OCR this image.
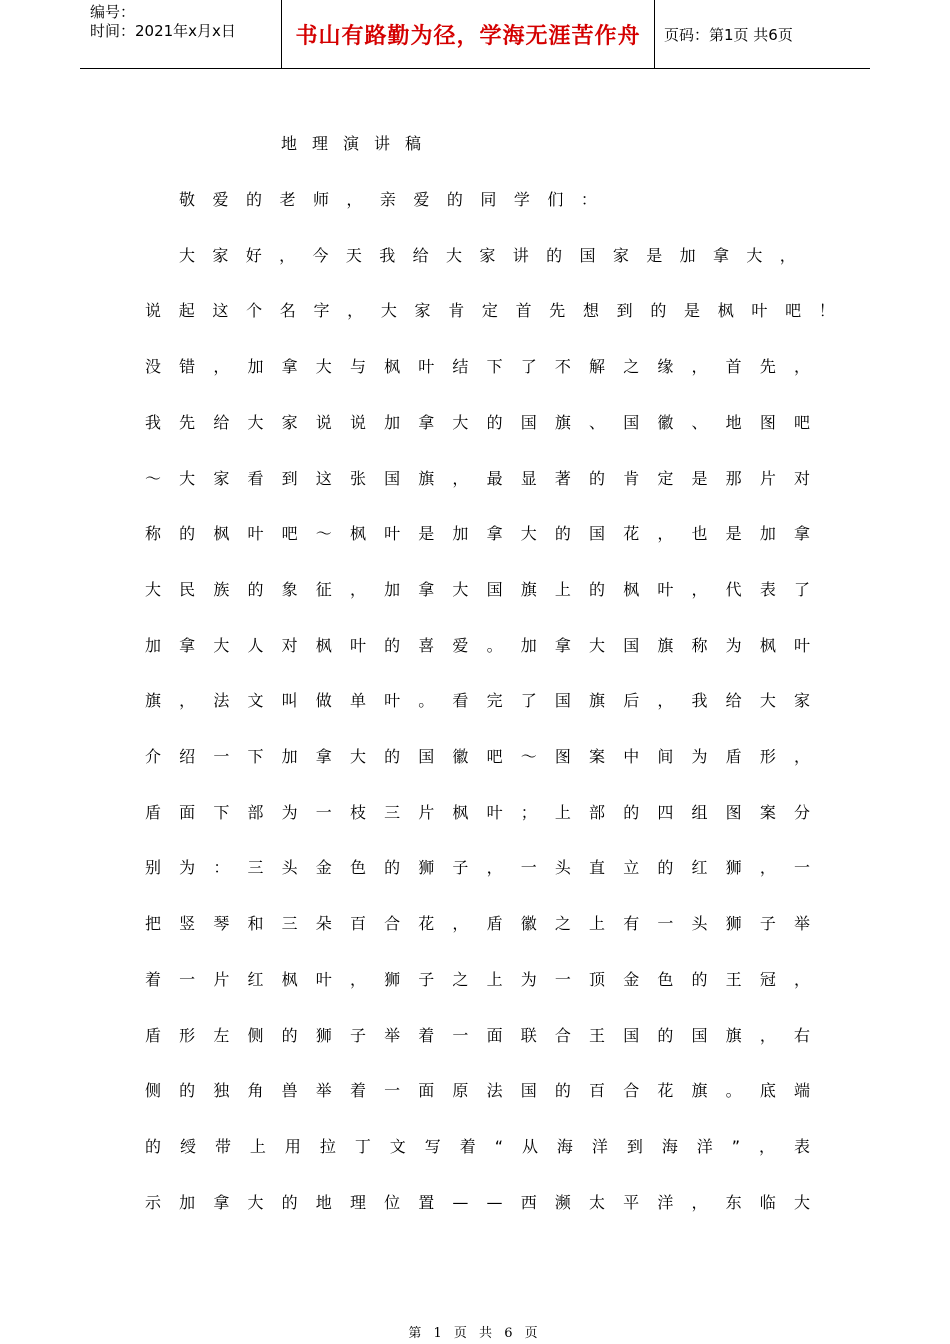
编号：
时间：2021年x月x日	书山有路勤为径，学海无涯苦作舟	页码：第1页 共6页
地理演讲稿
敬 爱 的 老 师 ， 亲 爱 的 同 学 们 ：
大 家 好 ， 今 天 我 给 大 家 讲 的 国 家 是 加 拿 大 ，
说 起 这 个 名 字 ， 大 家 肯 定 首 先 想 到 的 是 枫 叶 吧 ！
没 错 ， 加 拿 大 与 枫 叶 结 下 了 不 解 之 缘 ， 首 先 ，
我 先 给 大 家 说 说 加 拿 大 的 国 旗 、 国 徽 、 地 图 吧
～ 大 家 看 到 这 张 国 旗 ， 最 显 著 的 肯 定 是 那 片 对
称 的 枫 叶 吧 ～ 枫 叶 是 加 拿 大 的 国 花 ， 也 是 加 拿
大 民 族 的 象 征 ， 加 拿 大 国 旗 上 的 枫 叶 ， 代 表 了
加 拿 大 人 对 枫 叶 的 喜 爱 。 加 拿 大 国 旗 称 为 枫 叶
旗 ， 法 文 叫 做 单 叶 。 看 完 了 国 旗 后 ， 我 给 大 家
介 绍 一 下 加 拿 大 的 国 徽 吧 ～ 图 案 中 间 为 盾 形 ，
盾 面 下 部 为 一 枝 三 片 枫 叶 ； 上 部 的 四 组 图 案 分
别 为 ： 三 头 金 色 的 狮 子 ， 一 头 直 立 的 红 狮 ， 一
把 竖 琴 和 三 朵 百 合 花 ， 盾 徽 之 上 有 一 头 狮 子 举
着 一 片 红 枫 叶 ， 狮 子 之 上 为 一 顶 金 色 的 王 冠 ，
盾 形 左 侧 的 狮 子 举 着 一 面 联 合 王 国 的 国 旗 ， 右
侧 的 独 角 兽 举 着 一 面 原 法 国 的 百 合 花 旗 。 底 端
的 绶 带 上 用 拉 丁 文 写 着 “ 从 海 洋 到 海 洋 ” ， 表
示 加 拿 大 的 地 理 位 置 — — 西 濒 太 平 洋 ， 东 临 大
第 1 页 共 6 页
